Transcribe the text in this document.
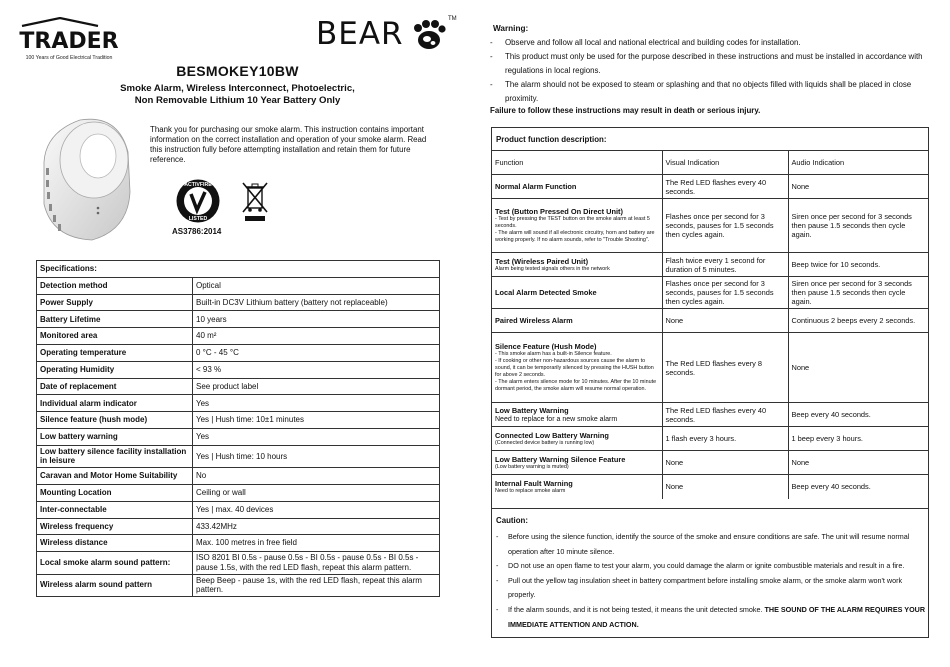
TRADER
100 Years of Good Electrical Tradition
BEAR	TM
BESMOKEY10BW
Smoke Alarm, Wireless Interconnect, Photoelectric,
Non Removable Lithium 10 Year Battery Only
Thank you for purchasing our smoke alarm. This instruction contains important information on the correct installation and operation of your smoke alarm. Read this instruction fully before attempting installation and retain them for future reference.
ACTIVFIRE
LISTED
AS3786:2014
Specifications:	
Detection method	Optical
Power Supply	Built-in DC3V Lithium battery (battery not replaceable)
Battery Lifetime	10 years
Monitored area	40 m²
Operating temperature	0 °C - 45 °C
Operating Humidity	< 93 %
Date of replacement	See product label
Individual alarm indicator	Yes
Silence feature (hush mode)	Yes | Hush time: 10±1 minutes
Low battery warning	Yes
Low battery silence facility installation in leisure	Yes | Hush time: 10 hours
Caravan and Motor Home Suitability	No
Mounting Location	Ceiling or wall
Inter-connectable	Yes | max. 40 devices
Wireless frequency	433.42MHz
Wireless distance	Max. 100 metres in free field
Local smoke alarm sound pattern:	ISO 8201 BI 0.5s - pause 0.5s - BI 0.5s - pause 0.5s - BI 0.5s - pause 1.5s, with the red LED flash, repeat this alarm pattern.
Wireless alarm sound pattern	Beep Beep - pause 1s, with the red LED flash, repeat this alarm pattern.
Warning:
- Observe and follow all local and national electrical and building codes for installation.
- This product must only be used for the purpose described in these instructions and must be installed in accordance with regulations in local regions.
- The alarm should not be exposed to steam or splashing and that no objects filled with liquids shall be placed in close proximity.
Failure to follow these instructions may result in death or serious injury.
Product function description:
Function	Visual Indication	Audio Indication
Normal Alarm Function	The Red LED flashes every 40 seconds.	None

Test (Button Pressed On Direct Unit)
- Test by pressing the TEST button on the smoke alarm at least 5 seconds.
- The alarm will sound if all electronic circuitry, horn and battery are working properly. If no alarm sounds, refer to "Trouble Shooting".	Flashes once per second for 3 seconds, pauses for 1.5 seconds then cycles again.	Siren once per second for 3 seconds then pause 1.5 seconds then cycle again.

Test (Wireless Paired Unit)
Alarm being tested signals others in the network	Flash twice every 1 second for duration of 5 minutes.	Beep twice for 10 seconds.
Local Alarm Detected Smoke	Flashes once per second for 3 seconds, pauses for 1.5 seconds then cycles again.	Siren once per second for 3 seconds then pause 1.5 seconds then cycle again.
Paired Wireless Alarm	None	Continuous 2 beeps every 2 seconds.

Silence Feature (Hush Mode)
- This smoke alarm has a built-in Silence feature.
- If cooking or other non-hazardous sources cause the alarm to sound, it can be temporarily silenced by pressing the HUSH button for above 2 seconds.
- The alarm enters silence mode for 10 minutes. After the 10 minute dormant period, the smoke alarm will resume normal operation.	The Red LED flashes every 8 seconds.	None

Low Battery Warning
Need to replace for a new smoke alarm	The Red LED flashes every 40 seconds.	Beep every 40 seconds.

Connected Low Battery Warning
(Connected device battery is running low)	1 flash every 3 hours.	1 beep every 3 hours.

Low Battery Warning Silence Feature
(Low battery warning is muted)	None	None

Internal Fault Warning
Need to replace smoke alarm	None	Beep every 40 seconds.
Caution:
- Before using the silence function, identify the source of the smoke and ensure conditions are safe. The unit will resume normal operation after 10 minute silence.
- DO not use an open flame to test your alarm, you could damage the alarm or ignite combustible materials and result in a fire.
- Pull out the yellow tag insulation sheet in battery compartment before installing smoke alarm, or the smoke alarm won't work properly.
- If the alarm sounds, and it is not being tested, it means the unit detected smoke. THE SOUND OF THE ALARM REQUIRES YOUR IMMEDIATE ATTENTION AND ACTION.
